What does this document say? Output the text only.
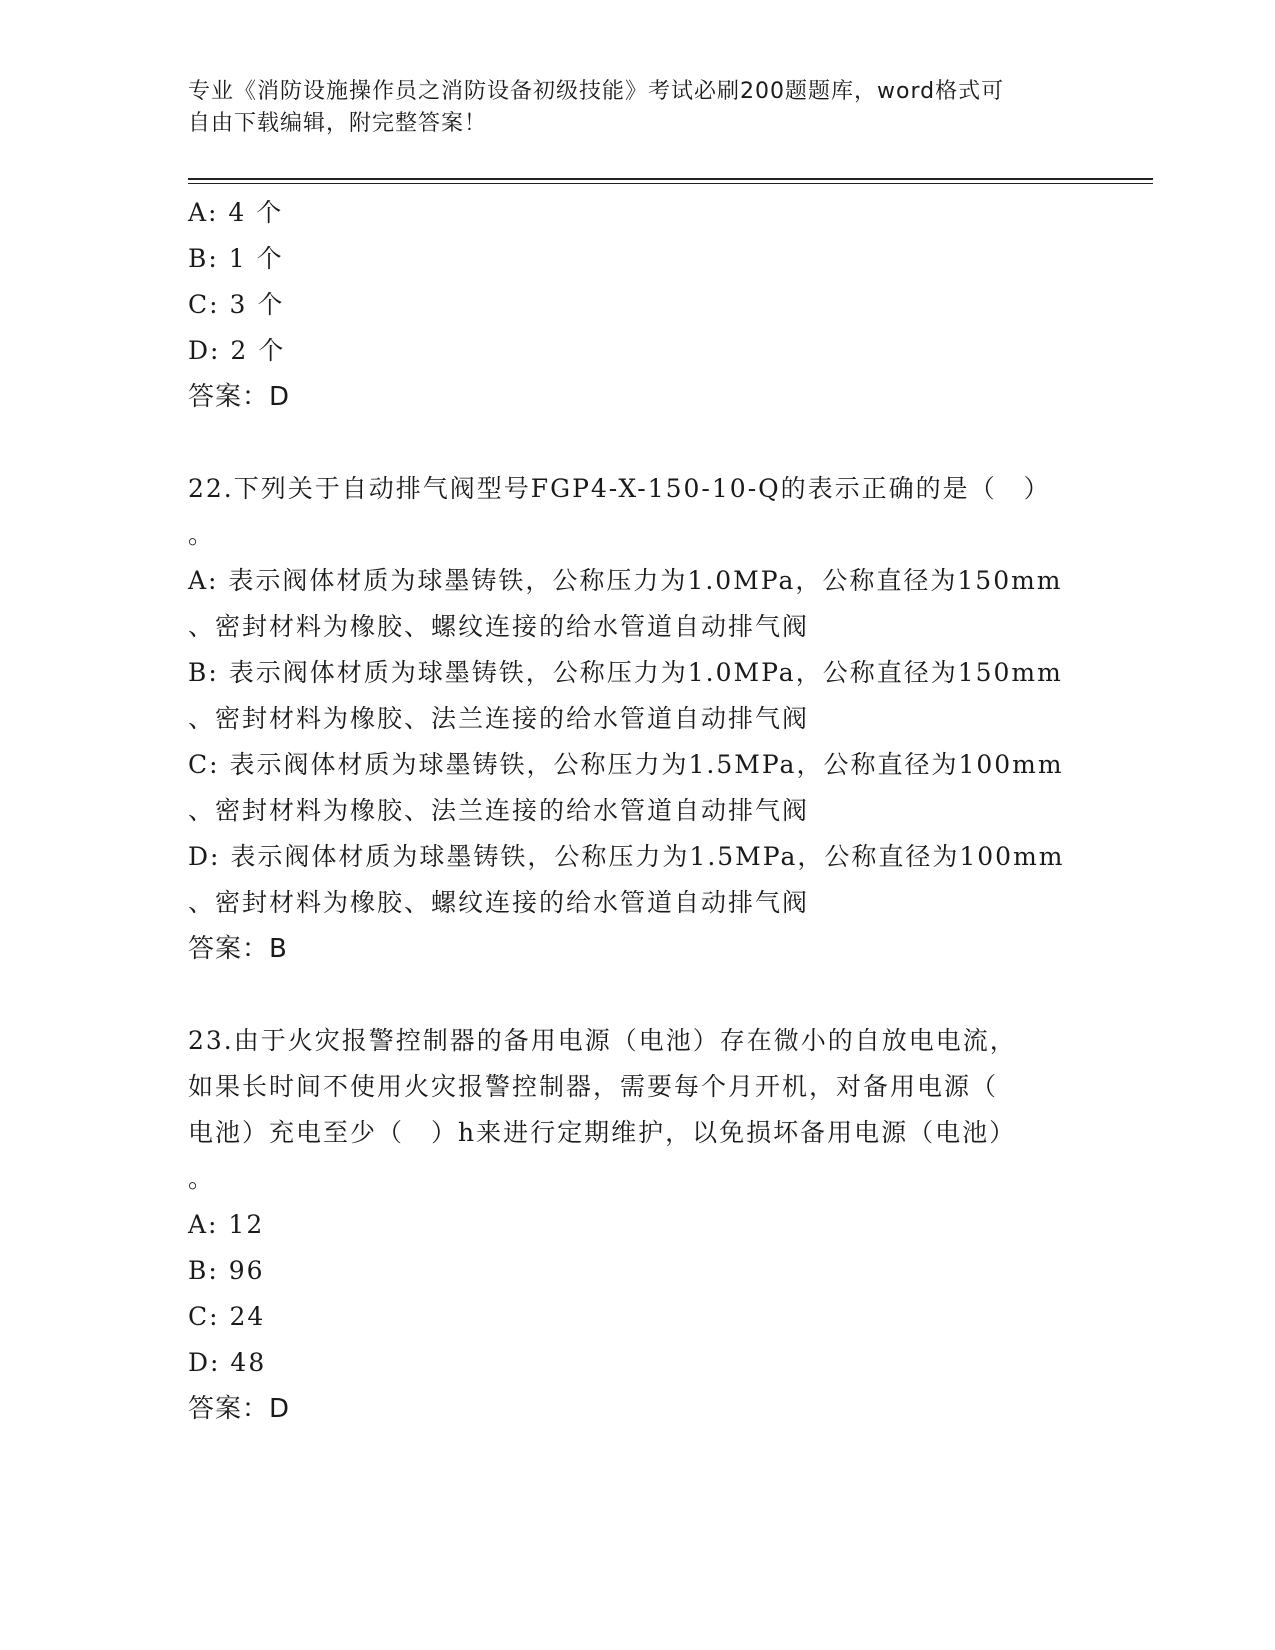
专业《消防设施操作员之消防设备初级技能》考试必刷200题题库，word格式可
自由下载编辑，附完整答案！
A: 4 个
B: 1 个
C: 3 个
D: 2 个
答案：D
22.下列关于自动排气阀型号FGP4-X-150-10-Q的表示正确的是（　）
。
A: 表示阀体材质为球墨铸铁，公称压力为1.0MPa，公称直径为150mm
、密封材料为橡胶、螺纹连接的给水管道自动排气阀
B: 表示阀体材质为球墨铸铁，公称压力为1.0MPa，公称直径为150mm
、密封材料为橡胶、法兰连接的给水管道自动排气阀
C: 表示阀体材质为球墨铸铁，公称压力为1.5MPa，公称直径为100mm
、密封材料为橡胶、法兰连接的给水管道自动排气阀
D: 表示阀体材质为球墨铸铁，公称压力为1.5MPa，公称直径为100mm
、密封材料为橡胶、螺纹连接的给水管道自动排气阀
答案：B
23.由于火灾报警控制器的备用电源（电池）存在微小的自放电电流，
如果长时间不使用火灾报警控制器，需要每个月开机，对备用电源（
电池）充电至少（　）h来进行定期维护，以免损坏备用电源（电池）
。
A: 12
B: 96
C: 24
D: 48
答案：D
